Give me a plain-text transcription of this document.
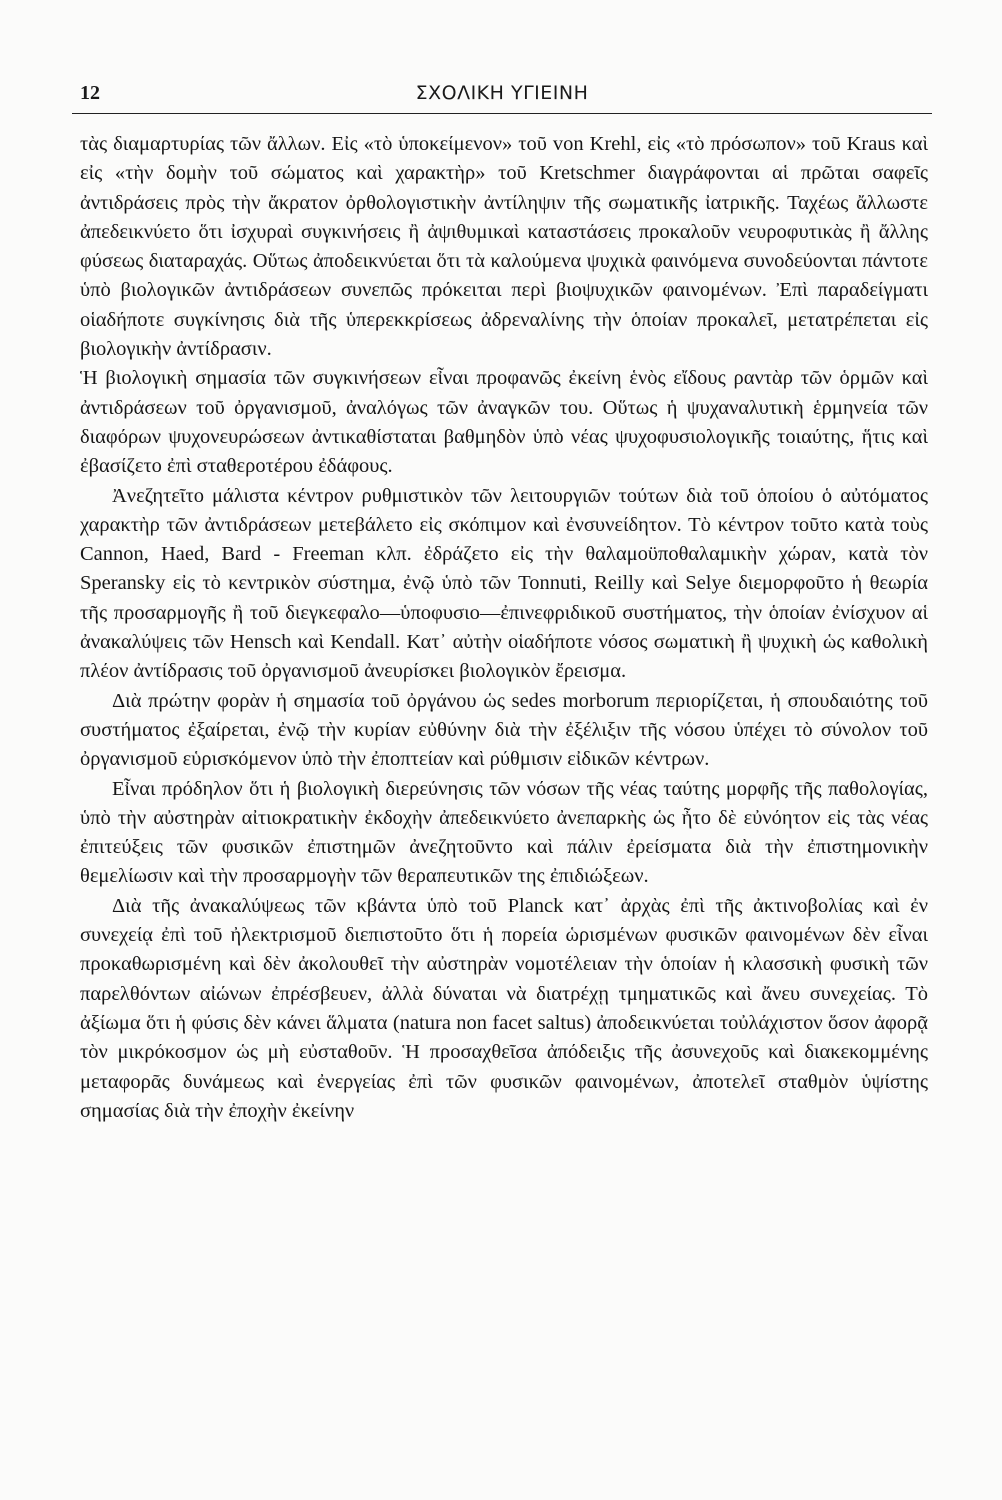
12	ΣΧΟΛΙΚΗ ΥΓΙΕΙΝΗ

τὰς διαμαρτυρίας τῶν ἄλλων. Εἰς «τὸ ὑποκείμενον» τοῦ von Krehl, εἰς «τὸ πρόσωπον» τοῦ Kraus καὶ εἰς «τὴν δομὴν τοῦ σώματος καὶ χαρακτὴρ» τοῦ Kretschmer διαγράφονται αἱ πρῶται σαφεῖς ἀντιδράσεις πρὸς τὴν ἄκρατον ὀρθολογιστικὴν ἀντίληψιν τῆς σωματικῆς ἰατρικῆς. Ταχέως ἄλλωστε ἀπεδεικνύετο ὅτι ἰσχυραὶ συγκινήσεις ἢ ἀψιθυμικαὶ καταστάσεις προκαλοῦν νευροφυτικὰς ἢ ἄλλης φύσεως διαταραχάς. Οὕτως ἀποδεικνύεται ὅτι τὰ καλούμενα ψυχικὰ φαινόμενα συνοδεύονται πάντοτε ὑπὸ βιολογικῶν ἀντιδράσεων συνεπῶς πρόκειται περὶ βιοψυχικῶν φαινομένων. Ἐπὶ παραδείγματι οἱαδήποτε συγκίνησις διὰ τῆς ὑπερεκκρίσεως ἀδρεναλίνης τὴν ὁποίαν προκαλεῖ, μετατρέπεται εἰς βιολογικὴν ἀντίδρασιν.

Ἡ βιολογικὴ σημασία τῶν συγκινήσεων εἶναι προφανῶς ἐκείνη ἑνὸς εἴδους ραντὰρ τῶν ὁρμῶν καὶ ἀντιδράσεων τοῦ ὀργανισμοῦ, ἀναλόγως τῶν ἀναγκῶν του. Οὕτως ἡ ψυχαναλυτικὴ ἑρμηνεία τῶν διαφόρων ψυχονευρώσεων ἀντικαθίσταται βαθμηδὸν ὑπὸ νέας ψυχοφυσιολογικῆς τοιαύτης, ἥτις καὶ ἐβασίζετο ἐπὶ σταθεροτέρου ἐδάφους.

Ἀνεζητεῖτο μάλιστα κέντρον ρυθμιστικὸν τῶν λειτουργιῶν τούτων διὰ τοῦ ὁποίου ὁ αὐτόματος χαρακτὴρ τῶν ἀντιδράσεων μετεβάλετο εἰς σκόπιμον καὶ ἐνσυνείδητον. Τὸ κέντρον τοῦτο κατὰ τοὺς Cannon, Haed, Bard - Freeman κλπ. ἐδράζετο εἰς τὴν θαλαμοϋποθαλαμικὴν χώραν, κατὰ τὸν Speransky εἰς τὸ κεντρικὸν σύστημα, ἐνῷ ὑπὸ τῶν Tonnuti, Reilly καὶ Selye διεμορφοῦτο ἡ θεωρία τῆς προσαρμογῆς ἢ τοῦ διεγκεφαλο—ὑποφυσιο—ἐπινεφριδικοῦ συστήματος, τὴν ὁποίαν ἐνίσχυον αἱ ἀνακαλύψεις τῶν Hensch καὶ Kendall. Κατ᾽ αὐτὴν οἱαδήποτε νόσος σωματικὴ ἢ ψυχικὴ ὡς καθολικὴ πλέον ἀντίδρασις τοῦ ὀργανισμοῦ ἀνευρίσκει βιολογικὸν ἔρεισμα.

Διὰ πρώτην φορὰν ἡ σημασία τοῦ ὀργάνου ὡς sedes morborum περιορίζεται, ἡ σπουδαιότης τοῦ συστήματος ἐξαίρεται, ἐνῷ τὴν κυρίαν εὐθύνην διὰ τὴν ἐξέλιξιν τῆς νόσου ὑπέχει τὸ σύνολον τοῦ ὀργανισμοῦ εὑρισκόμενον ὑπὸ τὴν ἐποπτείαν καὶ ρύθμισιν εἰδικῶν κέντρων.

Εἶναι πρόδηλον ὅτι ἡ βιολογικὴ διερεύνησις τῶν νόσων τῆς νέας ταύτης μορφῆς τῆς παθολογίας, ὑπὸ τὴν αὐστηρὰν αἰτιοκρατικὴν ἐκδοχὴν ἀπεδεικνύετο ἀνεπαρκὴς ὡς ἦτο δὲ εὐνόητον εἰς τὰς νέας ἐπιτεύξεις τῶν φυσικῶν ἐπιστημῶν ἀνεζητοῦντο καὶ πάλιν ἐρείσματα διὰ τὴν ἐπιστημονικὴν θεμελίωσιν καὶ τὴν προσαρμογὴν τῶν θεραπευτικῶν της ἐπιδιώξεων.

Διὰ τῆς ἀνακαλύψεως τῶν κβάντα ὑπὸ τοῦ Planck κατ᾽ ἀρχὰς ἐπὶ τῆς ἀκτινοβολίας καὶ ἐν συνεχείᾳ ἐπὶ τοῦ ἠλεκτρισμοῦ διεπιστοῦτο ὅτι ἡ πορεία ὡρισμένων φυσικῶν φαινομένων δὲν εἶναι προκαθωρισμένη καὶ δὲν ἀκολουθεῖ τὴν αὐστηρὰν νομοτέλειαν τὴν ὁποίαν ἡ κλασσικὴ φυσικὴ τῶν παρελθόντων αἰώνων ἐπρέσβευεν, ἀλλὰ δύναται νὰ διατρέχῃ τμηματικῶς καὶ ἄνευ συνεχείας. Τὸ ἀξίωμα ὅτι ἡ φύσις δὲν κάνει ἅλματα (natura non facet saltus) ἀποδεικνύεται τοὐλάχιστον ὅσον ἀφορᾷ τὸν μικρόκοσμον ὡς μὴ εὐσταθοῦν. Ἡ προσαχθεῖσα ἀπόδειξις τῆς ἀσυνεχοῦς καὶ διακεκομμένης μεταφορᾶς δυνάμεως καὶ ἐνεργείας ἐπὶ τῶν φυσικῶν φαινομένων, ἀποτελεῖ σταθμὸν ὑψίστης σημασίας διὰ τὴν ἐποχὴν ἐκείνην
